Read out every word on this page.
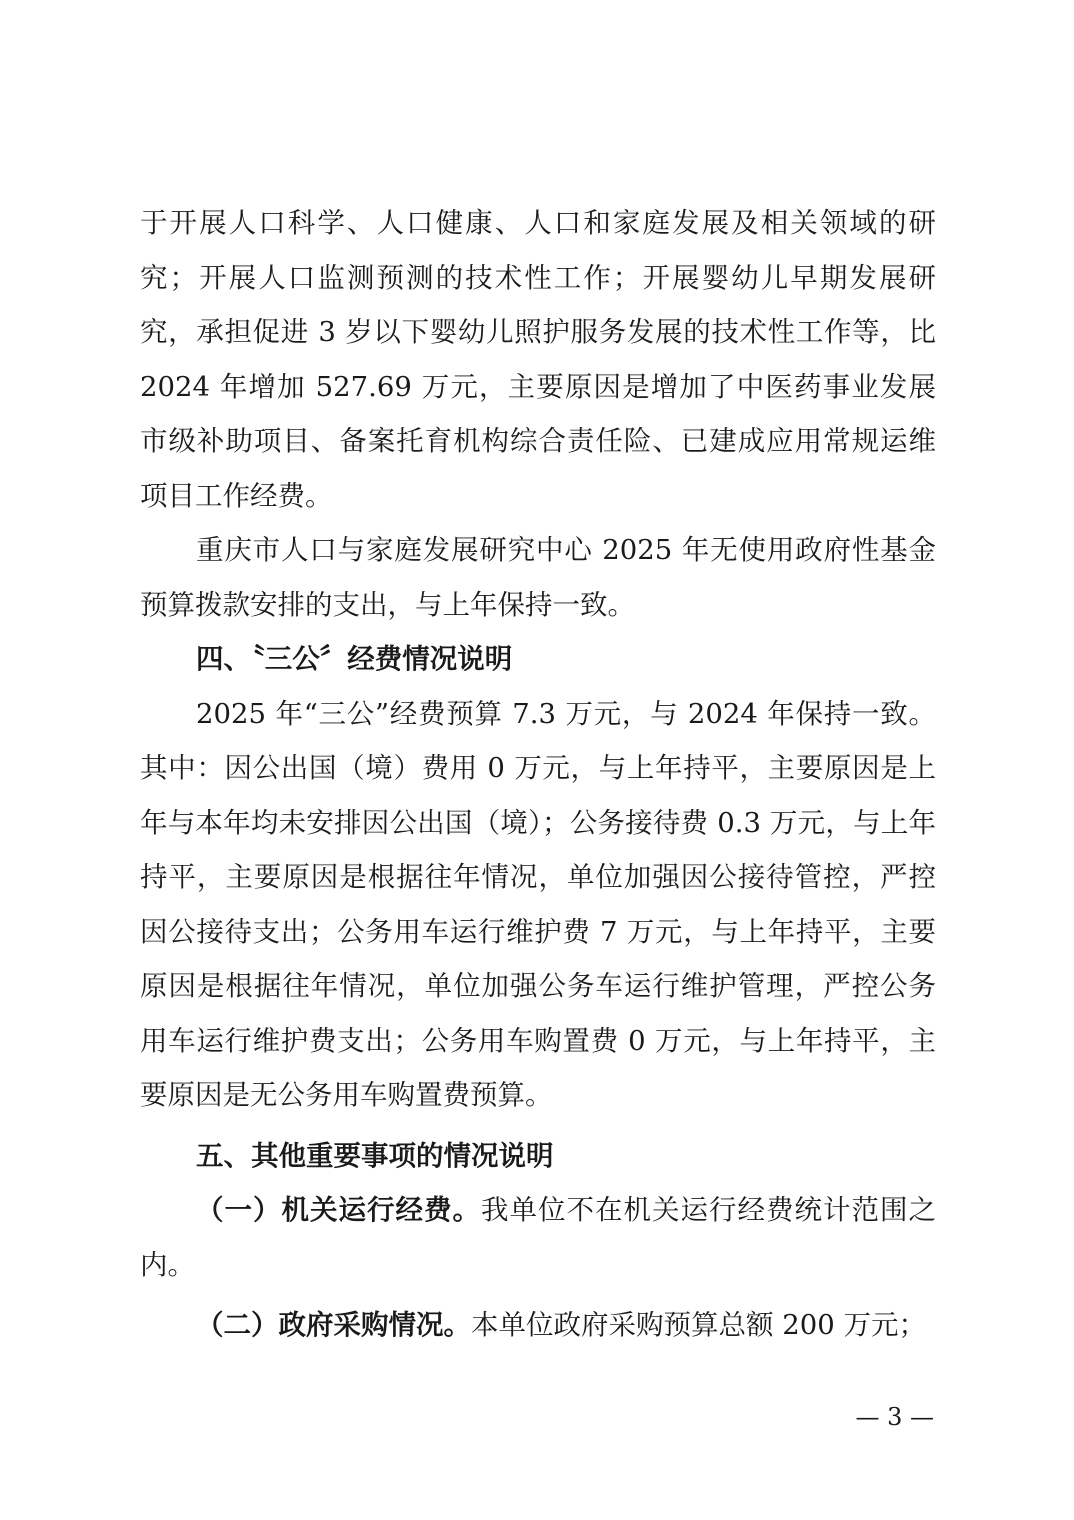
于开展人口科学、人口健康、人口和家庭发展及相关领域的研究；开展人口监测预测的技术性工作；开展婴幼儿早期发展研究，承担促进 3 岁以下婴幼儿照护服务发展的技术性工作等，比 2024 年增加 527.69 万元，主要原因是增加了中医药事业发展市级补助项目、备案托育机构综合责任险、已建成应用常规运维项目工作经费。

重庆市人口与家庭发展研究中心 2025 年无使用政府性基金预算拨款安排的支出，与上年保持一致。

四、〝三公〞经费情况说明

2025 年“三公”经费预算 7.3 万元，与 2024 年保持一致。其中：因公出国（境）费用 0 万元，与上年持平，主要原因是上年与本年均未安排因公出国（境）；公务接待费 0.3 万元，与上年持平，主要原因是根据往年情况，单位加强因公接待管控，严控因公接待支出；公务用车运行维护费 7 万元，与上年持平，主要原因是根据往年情况，单位加强公务车运行维护管理，严控公务用车运行维护费支出；公务用车购置费 0 万元，与上年持平，主要原因是无公务用车购置费预算。

五、其他重要事项的情况说明

（一）机关运行经费。我单位不在机关运行经费统计范围之内。

（二）政府采购情况。本单位政府采购预算总额 200 万元；

— 3 —
